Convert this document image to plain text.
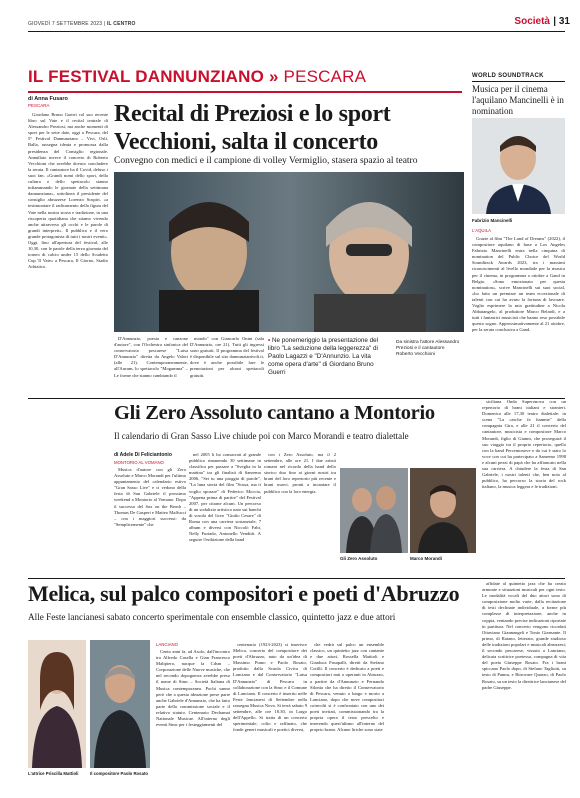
GIOVEDÌ 7 SETTEMBRE 2023 | IL CENTRO	Società | 31
IL FESTIVAL DANNUNZIANO » PESCARA
di Anna Fusaro
PESCARA

Giordano Bruno Guerri col suo recente libro sul Vate e il recital teatrale di Alessandro Preziosi, ma anche momenti di sport per le sette date, oggi a Pescara, del 5° Festival Dannunziano – Vivi, Osli, Balla, rassegna ideata e promossa dalla presidenza del Consiglio regionale. Annullato invece il concerto di Roberto Vecchioni che avrebbe dovuto concludere la serata. Il cantautore ha il Covid, deluso i suoi fan. «Grandi nomi dello sport, della cultura e dello spettacolo stanno infiammando le giornate della settimana dannunziana», sottolinea il presidente del consiglio abruzzese Lorenzo Sospiri, «a testimoniare il radicamento della figura del Vate nella nostra storia e tradizione, in una riscoperta quotidiana che stiamo vivendo anche attraverso gli occhi e le parole di grandi interpreti». Il pubblico e il vero grande protagonista di tutti i nostri eventi». Oggi, fino all'apertura del festival, alle 10,30, con le parole della terza giornata del torneo di calcio under 15 dello Scudetto Cup 'Il Vate» a Pescara, Il Giorno, Stadio Adriatico.

Recital di Preziosi e lo sport Vecchioni, salta il concerto
Convegno con medici e il campione di volley Vermiglio, stasera spazio al teatro

D'Annunzio, poesia e canzone d'autore", con l'Orchestra sinfonica del conservatorio pescarese "Luisa D'Annunzio" diretta da Angelo Valori (alle 21). Contemporaneamente, all'Aurum, lo spettacolo "Mogamma" – Le forme che stanno cambiando il

mondo" con Giancarlo Onini (sala D'Annunzio, ore 21). Tutti gli ingressi sono gratuiti. Il programma del festival è disponibile sul sito dannunzianivoli.it, dove è anche possibile fare le prenotazioni per alcuni spettacoli gratuiti.

• Ne ponemeriggio la presentazione del libro "La seduzione della leggerezza" di Paolo Lagazzi e "D'Annunzio. La vita come opera d'arte" di Giordano Bruno Guerri
Da sinistra l'attore Alessandro Preziosi e il cantautore Roberto Vecchioni
WORLD SOUNDTRACK
Musica per il cinema l'aquilano Mancinelli è in nomination
Fabrizio Mancinelli
L'AQUILA

Grazie al film "The Land of Dreams" (2022), il compositore aquilano di base a Los Angeles Fabrizio Mancinelli entra nella cinquina di nomination del Public Choice del World Soundtrack Awards 2023, tra i massimi riconoscimenti al livello mondiale per la musica per il cinema, in programma a ottobre a Gand in Belgio. «Sono emozionato per questa nomination», scrive Mancinelli sui suoi social, «ho fatto un premiare un team eccezionale di talenti con cui ho avuto la fortuna di lavorare. Voglio esprimere la mia gratitudine a Nicola Abbatangelo, al produttore Marco Belardi, e a tutti i fantastici musicisti che hanno reso possibile questo sogno. Approssimativamente al 21 ottobre, per la serata conclusiva a Gand.

Gli Zero Assoluto cantano a Montorio
Il calendario di Gran Sasso Live chiude poi con Marco Morandi e teatro dialettale
di Adele Di Feliciantonio
MONTORIO AL VOMANO

Musica d'autore con gli Zero Assoluto e Marco Morandi per l'ultimo appuntamento del calendario estivo "Gran Sasso Live" e ci vedono della festa di San Gabriele il prossimo weekend a Montorio al Vomano. Dopo il successo del Sax on the Beach – Thomas De Gasperi e Matteo Maffucci – con i maggiori successi: da "Semplicemente" che

nel 2005 li ha consacrati al grande pubblico rimanendo 30 settimane in classifica per passare a "Sveglia in la mattina" tra gli finalisti di Sanremo 2006, "Sei tu una pioggia di parole", "La luna storta del film "Scusa, ma ti voglio sposare" di Federico Moccia, "Appena prima di partire" del Festival 2007, per citarne alcuni. Un percorso di un sodalizio artistico nato sui banchi di scuola del liceo "Giulio Cesare" di Roma con una carriera sostanziale, 7 album e diversi con Niccolò Fabi, Nelly Furtado, Antonello Venditti. A seguire l'esibizione della band

con i Zero Assoluto, ma il 2 settembre, alle ore 21. I due artisti romani nel ricordo della band dello storico duo fino ai giorni nostri tra brani del loro repertorio più recente e brani nuovi, pronti a incantare il pubblico con la loro energia.

Gli Zero Assoluto	Marco Morandi

siciliana Onda Superonova con un repertorio di brani italiani e stranieri. Domenica alle 17,30 teatro dialettale: in scena "La casche fa fiamme" della compagnia Gira, e alle 21 il concerto del cantautore, musicista e compositore Marco Morandi, figlio di Gianni, che proseguirà il suo viaggio tra il proprio repertorio, quello con la band Percentonove e da cui è stato lo voce con cui ha partecipato a Sanremo 1998 e alcuni pezzi di papà che ha affiancato nella sua carriera. A chiudere la festa di San Gabriele, i nostri talenti che, ben noto al pubblico, ha percorso la storia del rock italiano, la musica leggera e le tradizioni.

Melica, sul palco compositori e poeti d'Abruzzo
Alle Feste lancianesi sabato concerto sperimentale con ensemble classico, quintetto jazz e due attori
L'attrice Priscilla Mattioli	Il compositore Paolo Rosato
LANCIANO

Cento anni fa, ad Asolo, dall'incontro tra Alfredo Casella e Gian Francesco Malipiero, nacque la Cdsm – Corporazione delle Nuove musiche, che nel secondo dopoguerra avrebbe preso il nome di Simc – Società Italiana di Musica contemporanea. Pochi sanno però che a questa ideazione prese parte anche Gabriele d'Annunzio, che ha fatto parte della commissione sociale e il relativo statuto. Centenario Dechamat Nationale Musicae. All'interno degli eventi Simc per i festeggiamenti del

centenario (1923-2023) si inserisce Melica, concerto del compositore dei poeti d'Abruzzo, nato da un'idea di Massimo Pumo e Paolo Rosato, prodotto dalla Scuola Civica di Lanciano e dal Conservatorio "Luisa D'Annunzio" di Pescara in collaborazione con la Simc e il Comune di Lanciano. Il concerto è inserito nelle Feste lancianesi di Settembre nella rassegna Musica Nova. Si terrà sabato 9 settembre, alle ore 18.30, in Largo dell'Appello. Si tratta di un concerto sperimentale, colto e raffinato, che fonde generi musicali e poetici diversi,

che vedrà sul palco un ensemble classico, un quintetto jazz con cantante e due attori, Rossella Mattioli e Gianluca Fusapalli, diretti da Stefano Cotilli. Il concerto è dedicato a poeti e compositori nati o operanti in Abruzzo, a partire da d'Annunzio e Fernando Silonia che ha diretto il Conservatorio di Pescara, venuto a lungo e morto a Lanciano, dopo che nove compositori coinvolti si è confrontato con uno dei poeti invitati, commissionando tra la propria opera il testo prescelto e inserendo quest'ultimo all'interno del proprio brano. Alcune liriche sono state

affidate al quintetto jazz che ha creato armonie e situazioni musicali per ogni testo. Le modalità vocali del duo attori sono di composizione molto varie, dalla recitazione di testi declinate individuale, a forme più complesse di interpretazione, anche in coppia, ventando precise indicazioni riportate in partitura. Nel concerto vengono ricordati Ottaviano Giannangeli e Tonio Giansante. Il primo, di Raiano, letterato, grande studioso delle tradizioni popolari e musicali abruzzesi; il secondo pescarese, vissuto a Lanciano, delicata scrittrice poetessa, compagna di vita del poeta Giuseppe Rosato. Fra i brani spiccano Paolo dopo, di Stefano Tagliotti, su testo di Pannu, e Ritrovare Quarzo, di Paolo Rosato, su un testo la direttrice lancianese del padre Giuseppe.
